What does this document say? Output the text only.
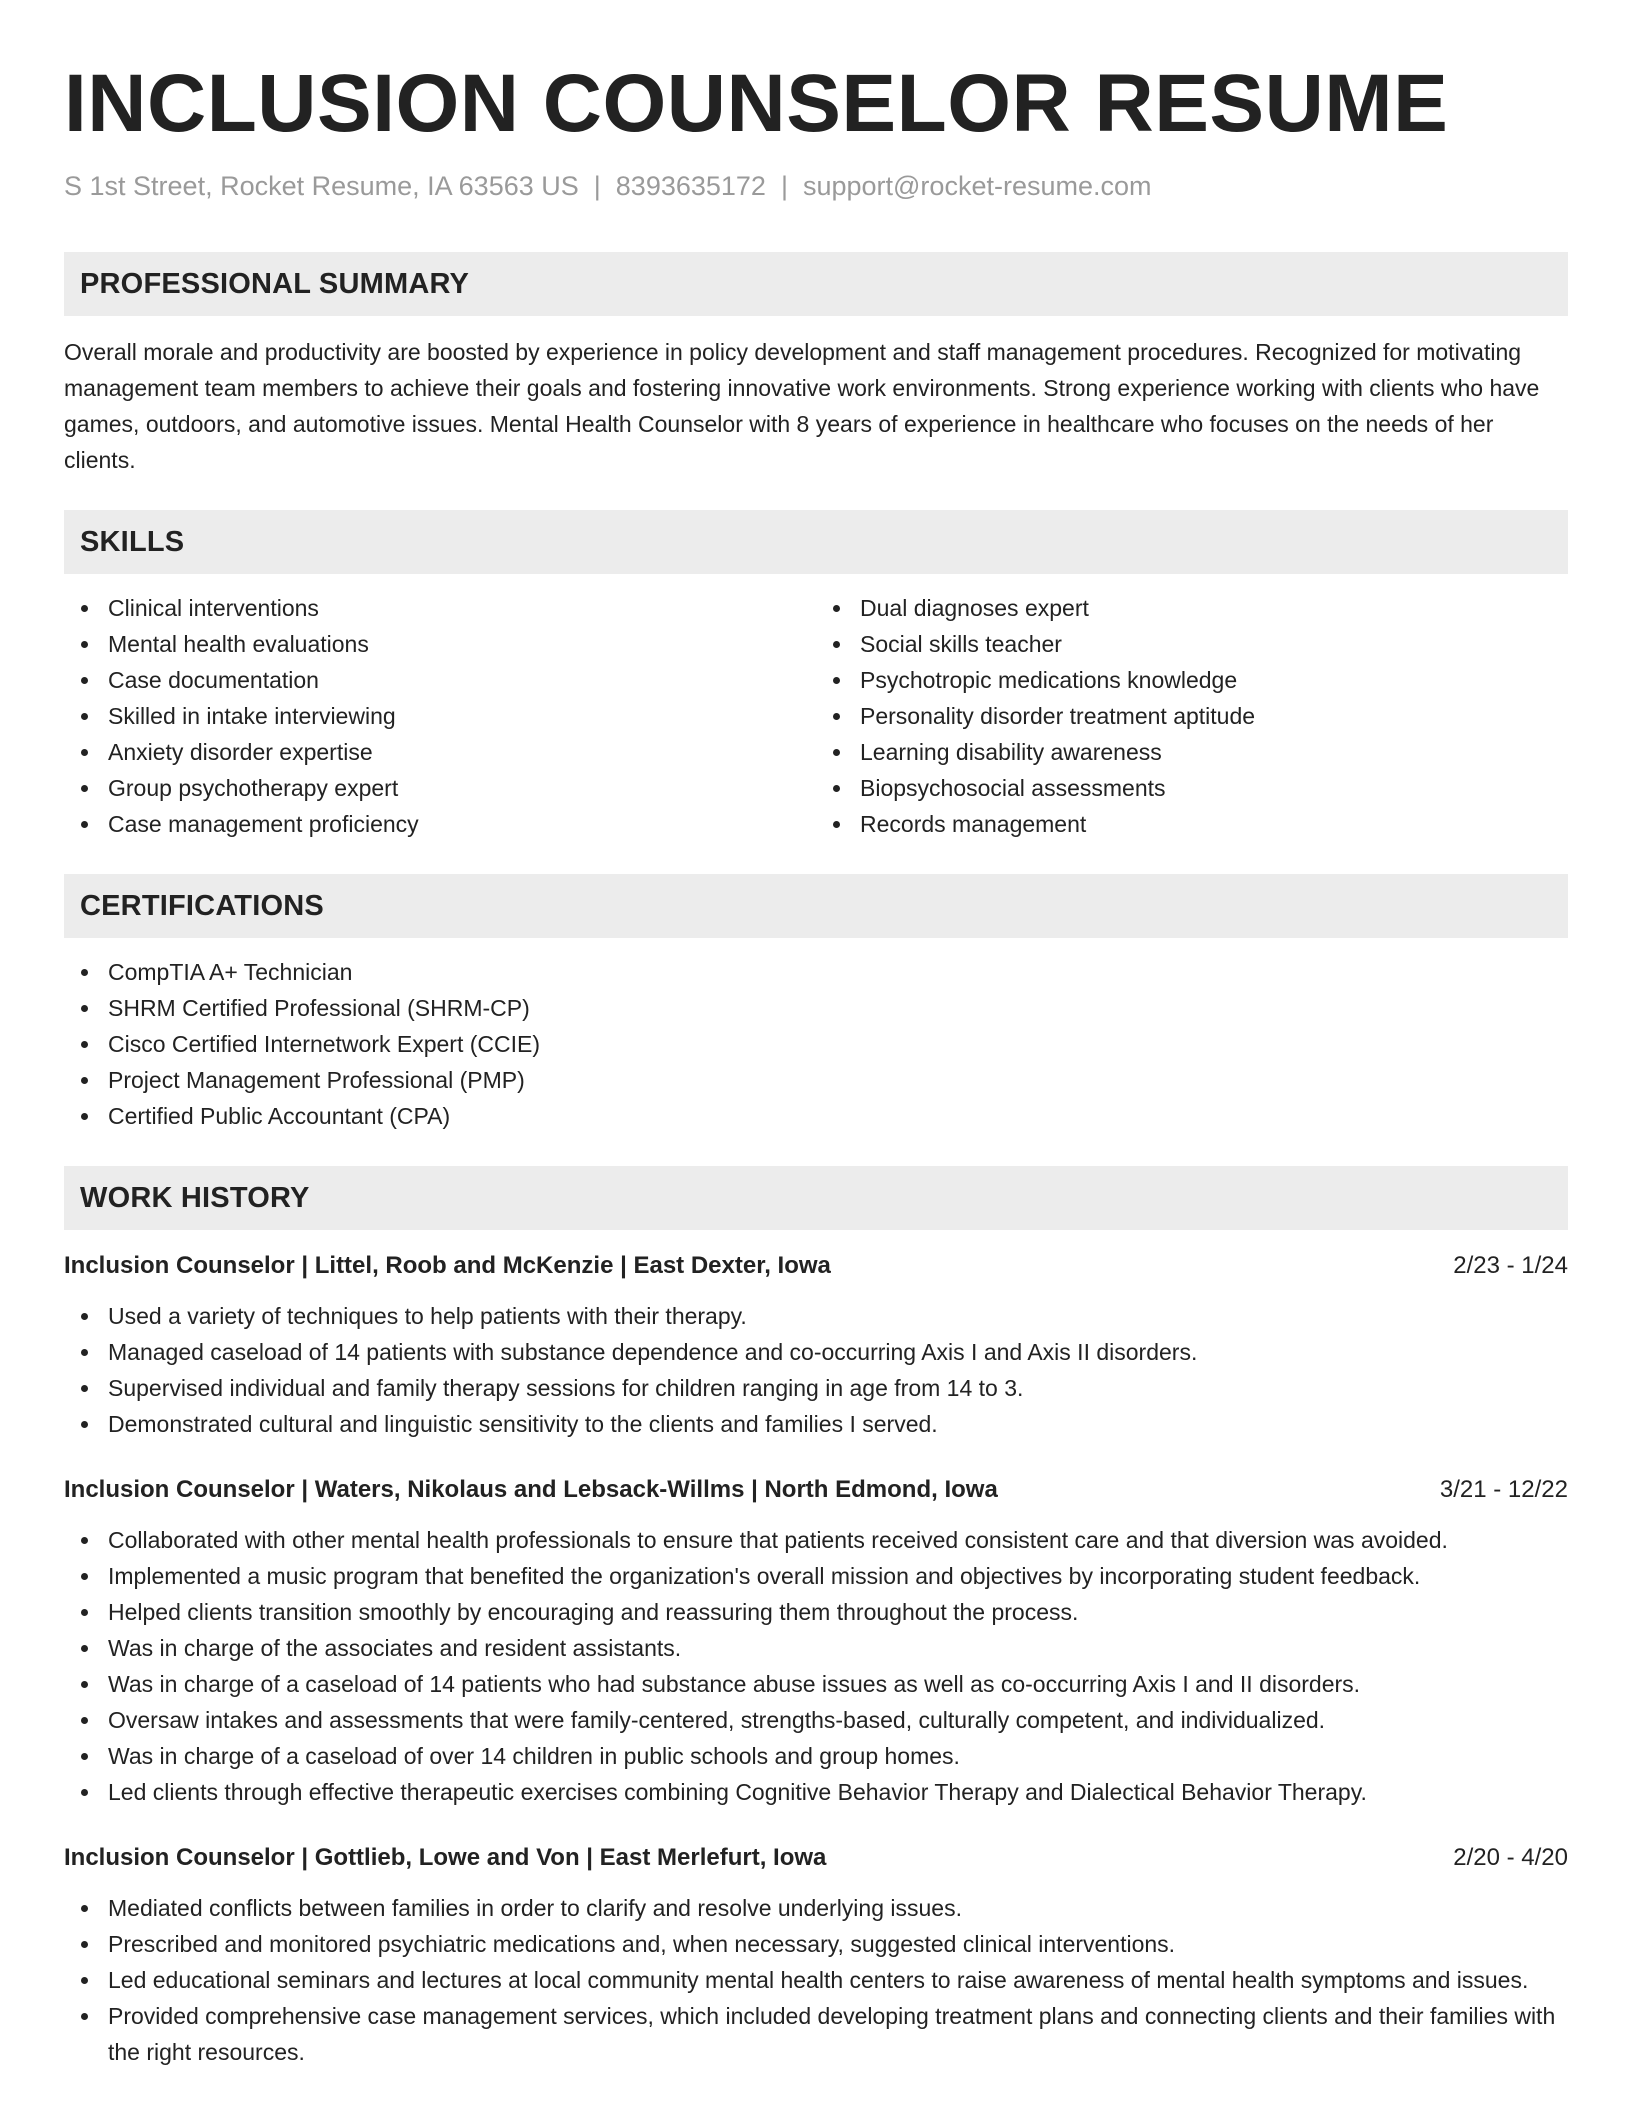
INCLUSION COUNSELOR RESUME
S 1st Street, Rocket Resume, IA 63563 US | 8393635172 | support@rocket-resume.com
PROFESSIONAL SUMMARY

Overall morale and productivity are boosted by experience in policy development and staff management procedures. Recognized for motivating management team members to achieve their goals and fostering innovative work environments. Strong experience working with clients who have games, outdoors, and automotive issues. Mental Health Counselor with 8 years of experience in healthcare who focuses on the needs of her clients.

SKILLS
Clinical interventions
Mental health evaluations
Case documentation
Skilled in intake interviewing
Anxiety disorder expertise
Group psychotherapy expert
Case management proficiency
Dual diagnoses expert
Social skills teacher
Psychotropic medications knowledge
Personality disorder treatment aptitude
Learning disability awareness
Biopsychosocial assessments
Records management
CERTIFICATIONS
CompTIA A+ Technician
SHRM Certified Professional (SHRM-CP)
Cisco Certified Internetwork Expert (CCIE)
Project Management Professional (PMP)
Certified Public Accountant (CPA)
WORK HISTORY
Inclusion Counselor | Littel, Roob and McKenzie | East Dexter, Iowa	2/23 - 1/24
Used a variety of techniques to help patients with their therapy.
Managed caseload of 14 patients with substance dependence and co-occurring Axis I and Axis II disorders.
Supervised individual and family therapy sessions for children ranging in age from 14 to 3.
Demonstrated cultural and linguistic sensitivity to the clients and families I served.
Inclusion Counselor | Waters, Nikolaus and Lebsack-Willms | North Edmond, Iowa	3/21 - 12/22
Collaborated with other mental health professionals to ensure that patients received consistent care and that diversion was avoided.
Implemented a music program that benefited the organization's overall mission and objectives by incorporating student feedback.
Helped clients transition smoothly by encouraging and reassuring them throughout the process.
Was in charge of the associates and resident assistants.
Was in charge of a caseload of 14 patients who had substance abuse issues as well as co-occurring Axis I and II disorders.
Oversaw intakes and assessments that were family-centered, strengths-based, culturally competent, and individualized.
Was in charge of a caseload of over 14 children in public schools and group homes.
Led clients through effective therapeutic exercises combining Cognitive Behavior Therapy and Dialectical Behavior Therapy.
Inclusion Counselor | Gottlieb, Lowe and Von | East Merlefurt, Iowa	2/20 - 4/20
Mediated conflicts between families in order to clarify and resolve underlying issues.
Prescribed and monitored psychiatric medications and, when necessary, suggested clinical interventions.
Led educational seminars and lectures at local community mental health centers to raise awareness of mental health symptoms and issues.
Provided comprehensive case management services, which included developing treatment plans and connecting clients and their families with the right resources.
